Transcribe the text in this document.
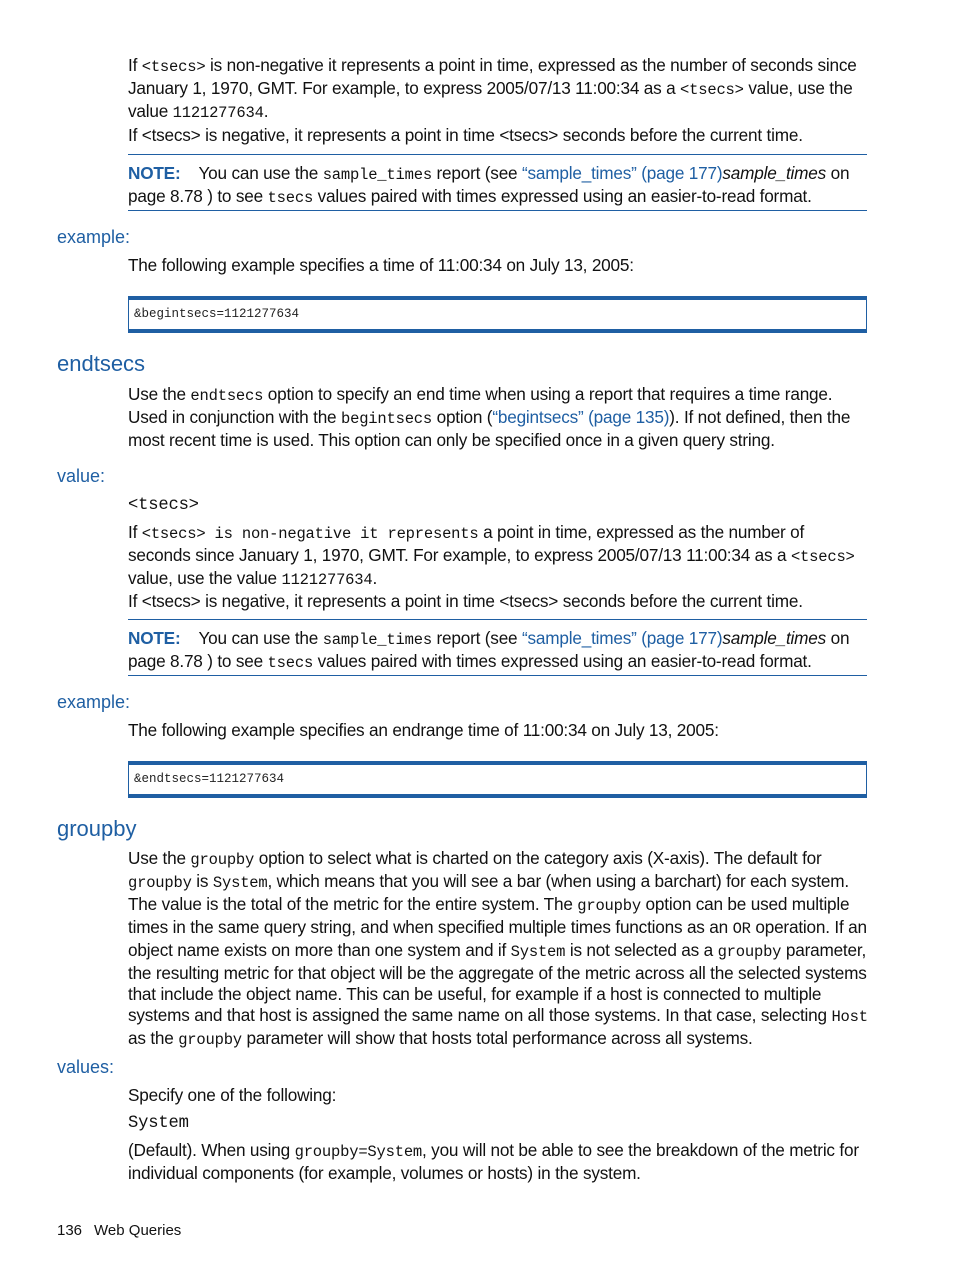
If <tsecs> is non-negative it represents a point in time, expressed as the number of seconds since January 1, 1970, GMT. For example, to express 2005/07/13 11:00:34 as a <tsecs> value, use the value 1121277634.

If <tsecs> is negative, it represents a point in time <tsecs> seconds before the current time.

NOTE: You can use the sample_times report (see “sample_times” (page 177)sample_times on page 8.78 ) to see tsecs values paired with times expressed using an easier-to-read format.
example:

The following example specifies a time of 11:00:34 on July 13, 2005:

&begintsecs=1121277634
endtsecs

Use the endtsecs option to specify an end time when using a report that requires a time range. Used in conjunction with the begintsecs option (“begintsecs” (page 135)). If not defined, then the most recent time is used. This option can only be specified once in a given query string.

value:

<tsecs>

If <tsecs> is non-negative it represents a point in time, expressed as the number of seconds since January 1, 1970, GMT. For example, to express 2005/07/13 11:00:34 as a <tsecs> value, use the value 1121277634.

If <tsecs> is negative, it represents a point in time <tsecs> seconds before the current time.

NOTE: You can use the sample_times report (see “sample_times” (page 177)sample_times on page 8.78 ) to see tsecs values paired with times expressed using an easier-to-read format.
example:

The following example specifies an endrange time of 11:00:34 on July 13, 2005:

&endtsecs=1121277634
groupby

Use the groupby option to select what is charted on the category axis (X-axis). The default for groupby is System, which means that you will see a bar (when using a barchart) for each system. The value is the total of the metric for the entire system. The groupby option can be used multiple times in the same query string, and when specified multiple times functions as an OR operation. If an object name exists on more than one system and if System is not selected as a groupby parameter, the resulting metric for that object will be the aggregate of the metric across all the selected systems that include the object name. This can be useful, for example if a host is connected to multiple systems and that host is assigned the same name on all those systems. In that case, selecting Host as the groupby parameter will show that hosts total performance across all systems.

values:

Specify one of the following:

System

(Default). When using groupby=System, you will not be able to see the breakdown of the metric for individual components (for example, volumes or hosts) in the system.

136 Web Queries
